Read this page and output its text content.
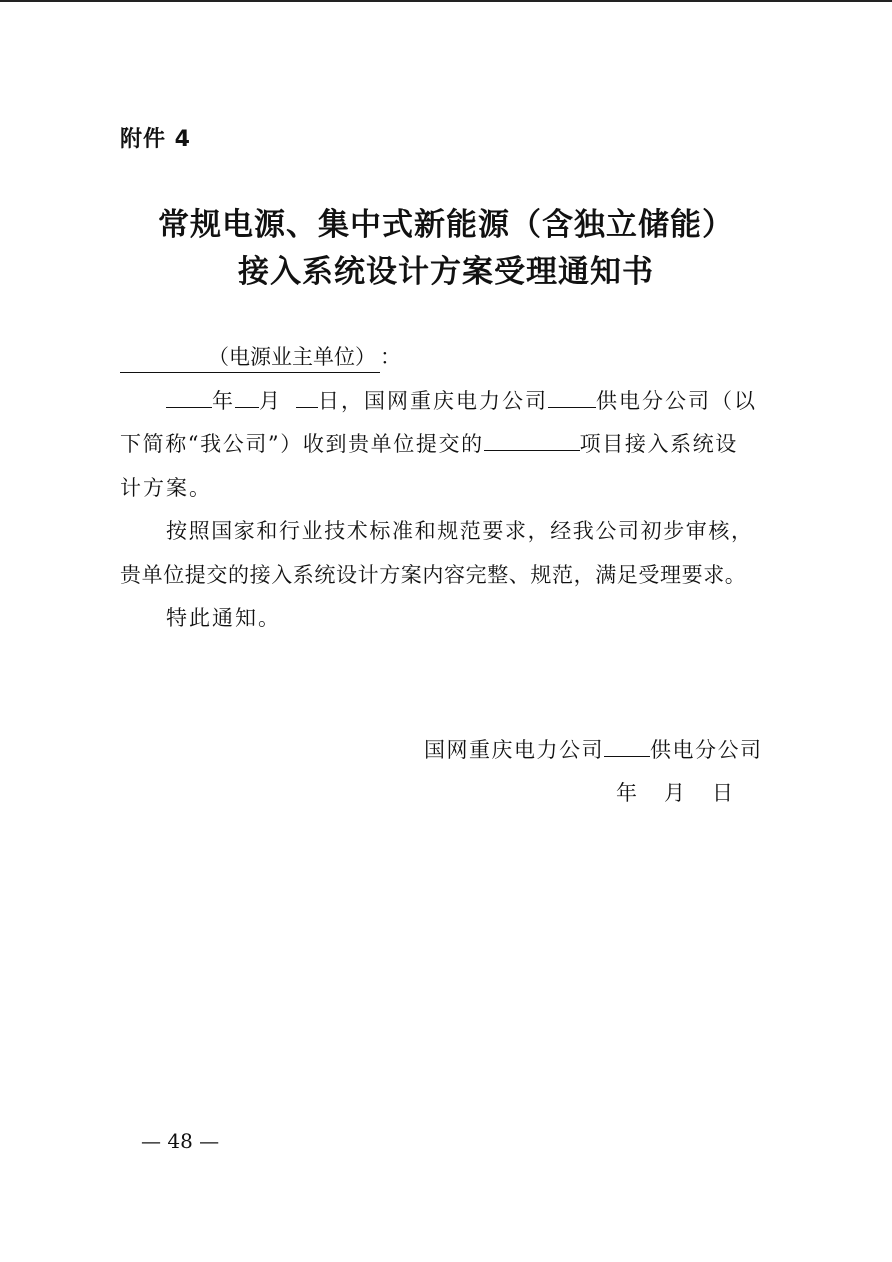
附件 4
常规电源、集中式新能源（含独立储能）
接入系统设计方案受理通知书
（电源业主单位） ：
年 月 日，国网重庆电力公司 供电分公司（以
下简称“我公司”）收到贵单位提交的	项目接入系统设
计方案。
按照国家和行业技术标准和规范要求，经我公司初步审核，
贵单位提交的接入系统设计方案内容完整、规范，满足受理要求。
特此通知。
国网重庆电力公司 供电分公司
年 月 日
— 48 —
